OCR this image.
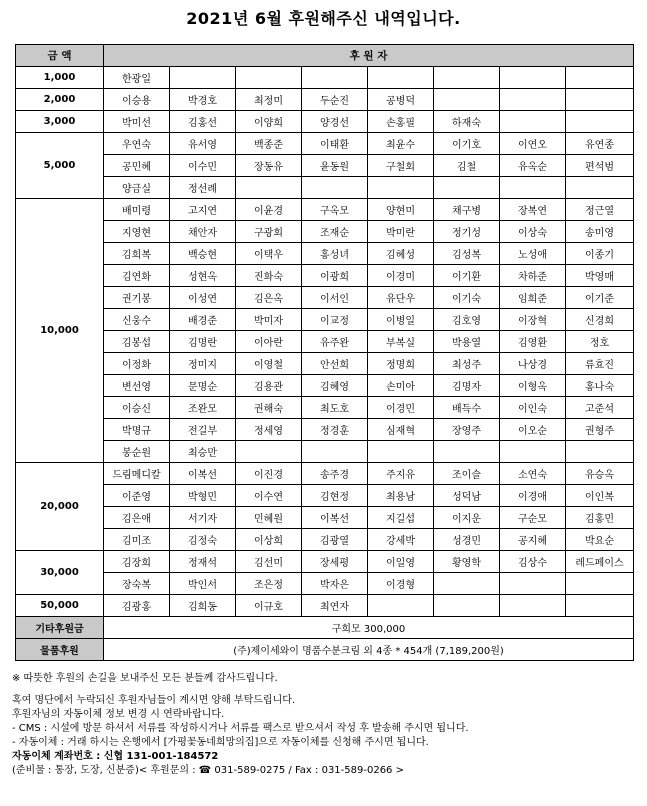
2021년 6월 후원해주신 내역입니다.
금 액	후 원 자							
1,000	한광일							
2,000	이승용	박경호	최정미	두순진	공병덕			
3,000	박미선	김홍선	이양희	양경선	손홍필	하재숙		
5,000	우연숙	유서영	백종준	이태환	최윤수	이기호	이연오	유연종
	공민혜	이수민	장동유	윤동원	구철회	김철	유옥순	편석범
	양금실	정선례						
10,000	배미령	고지연	이윤경	구옥모	양현미	채구병	장복연	정근열
	지영현	채안자	구광회	조재순	박미란	정기성	이상숙	송미영
	김희복	백승현	이택우	홍성녀	김혜성	김성복	노성애	이종기
	김연화	성현옥	진화숙	이광희	이경미	이기환	차하준	박영매
	권기봉	이성연	김은옥	이서인	유단우	이기숙	임희준	이기준
	신웅수	배경준	박미자	이교정	이병일	김호영	이장혁	신경희
	김봉섭	김명란	이아란	유주완	부복실	박용열	김영환	정호
	이정화	정미지	이영철	안선희	정명희	최성주	나상경	류효진
	변선영	문명순	김용관	김혜영	손미아	김명자	이형옥	홍나숙
	이승신	조완모	권해숙	최도호	이경민	배득수	이인숙	고준석
	박명규	전길부	정세영	정경훈	심재혁	장영주	이오순	권형주
	봉순원	최승만						
20,000	드림메디칼	이복선	이진경	송주경	주지유	조이슬	소연숙	유승옥
	이준영	박형민	이수연	김현정	최용남	성덕남	이경애	이인복
	김은애	서기자	민혜원	이복선	지길섭	이지운	구순모	김홍민
	김미조	김정숙	이상희	김광열	강세박	성경민	공지혜	박요순
30,000	김장희	정재석	김선미	장세평	이일영	황영학	김상수	레드페이스
	장숙복	박인서	조은정	박자은	이경형			
50,000	김광홍	김희동	이규호	최연자				
기타후원금	구희모 300,000							
물품후원	(주)제이세와이 명품수분크림 외 4종 * 454개 (7,189,200원)							
※ 따뜻한 후원의 손길을 보내주신 모든 분들께 감사드립니다.
혹여 명단에서 누락되신 후원자님들이 계시면 양해 부탁드립니다.
후원자님의 자동이체 정보 변경 시 연락바랍니다.
- CMS : 시설에 방문 하셔서 서류를 작성하시거나 서류를 팩스로 받으셔서 작성 후 발송해 주시면 됩니다.
- 자동이체 : 거래 하시는 은행에서 [가평꽃동네희망의집]으로 자동이체를 신청해 주시면 됩니다.
자동이체 계좌번호 : 신협 131-001-184572
(준비물 : 통장, 도장, 신분증)< 후원문의 : ☎ 031-589-0275 / Fax : 031-589-0266 >
